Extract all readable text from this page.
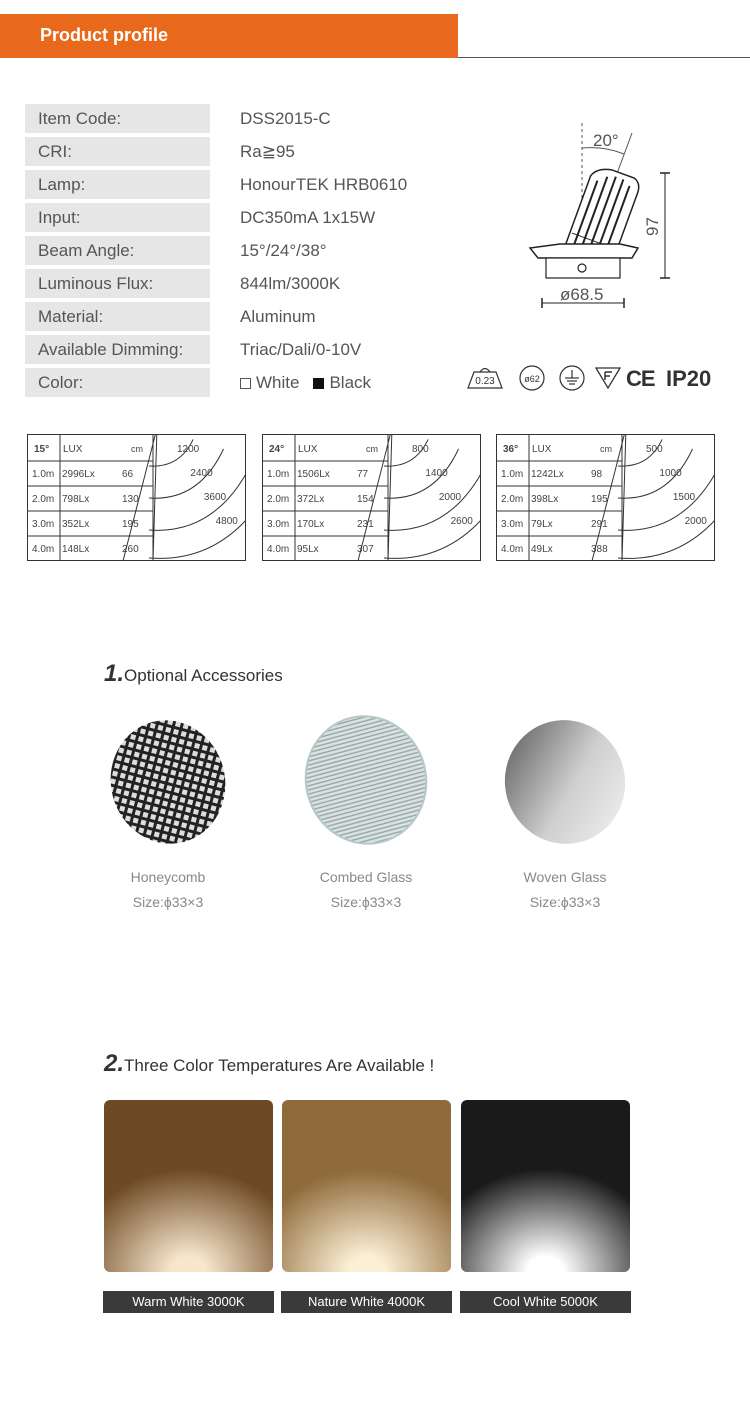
Product profile
Item Code:	DSS2015-C
CRI:	Ra≧95
Lamp:	HonourTEK HRB0610
Input:	DC350mA 1x15W
Beam Angle:	15°/24°/38°
Luminous Flux:	844lm/3000K
Material:	Aluminum
Available Dimming:	Triac/Dali/0-10V
Color:	White Black
20°
97
ø68.5
0.23	ø62	CE IP20
15° LUX	cm
1.0m 2996Lx	66
2.0m 798Lx	130
3.0m 352Lx	195
4.0m 148Lx	260
1200
2400
3600
4800
24° LUX	cm
1.0m 1506Lx	77
2.0m 372Lx	154
3.0m 170Lx	231
4.0m 95Lx	307
800
1400
2000
2600
36° LUX	cm
1.0m 1242Lx	98
2.0m 398Lx	195
3.0m 79Lx	291
4.0m 49Lx	388
500
1000
1500
2000
1.Optional Accessories
Honeycomb
Size:ϕ33×3
Combed Glass
Size:ϕ33×3
Woven Glass
Size:ϕ33×3
2.Three Color Temperatures Are Available !
Warm White 3000K	Nature White 4000K	Cool White 5000K
